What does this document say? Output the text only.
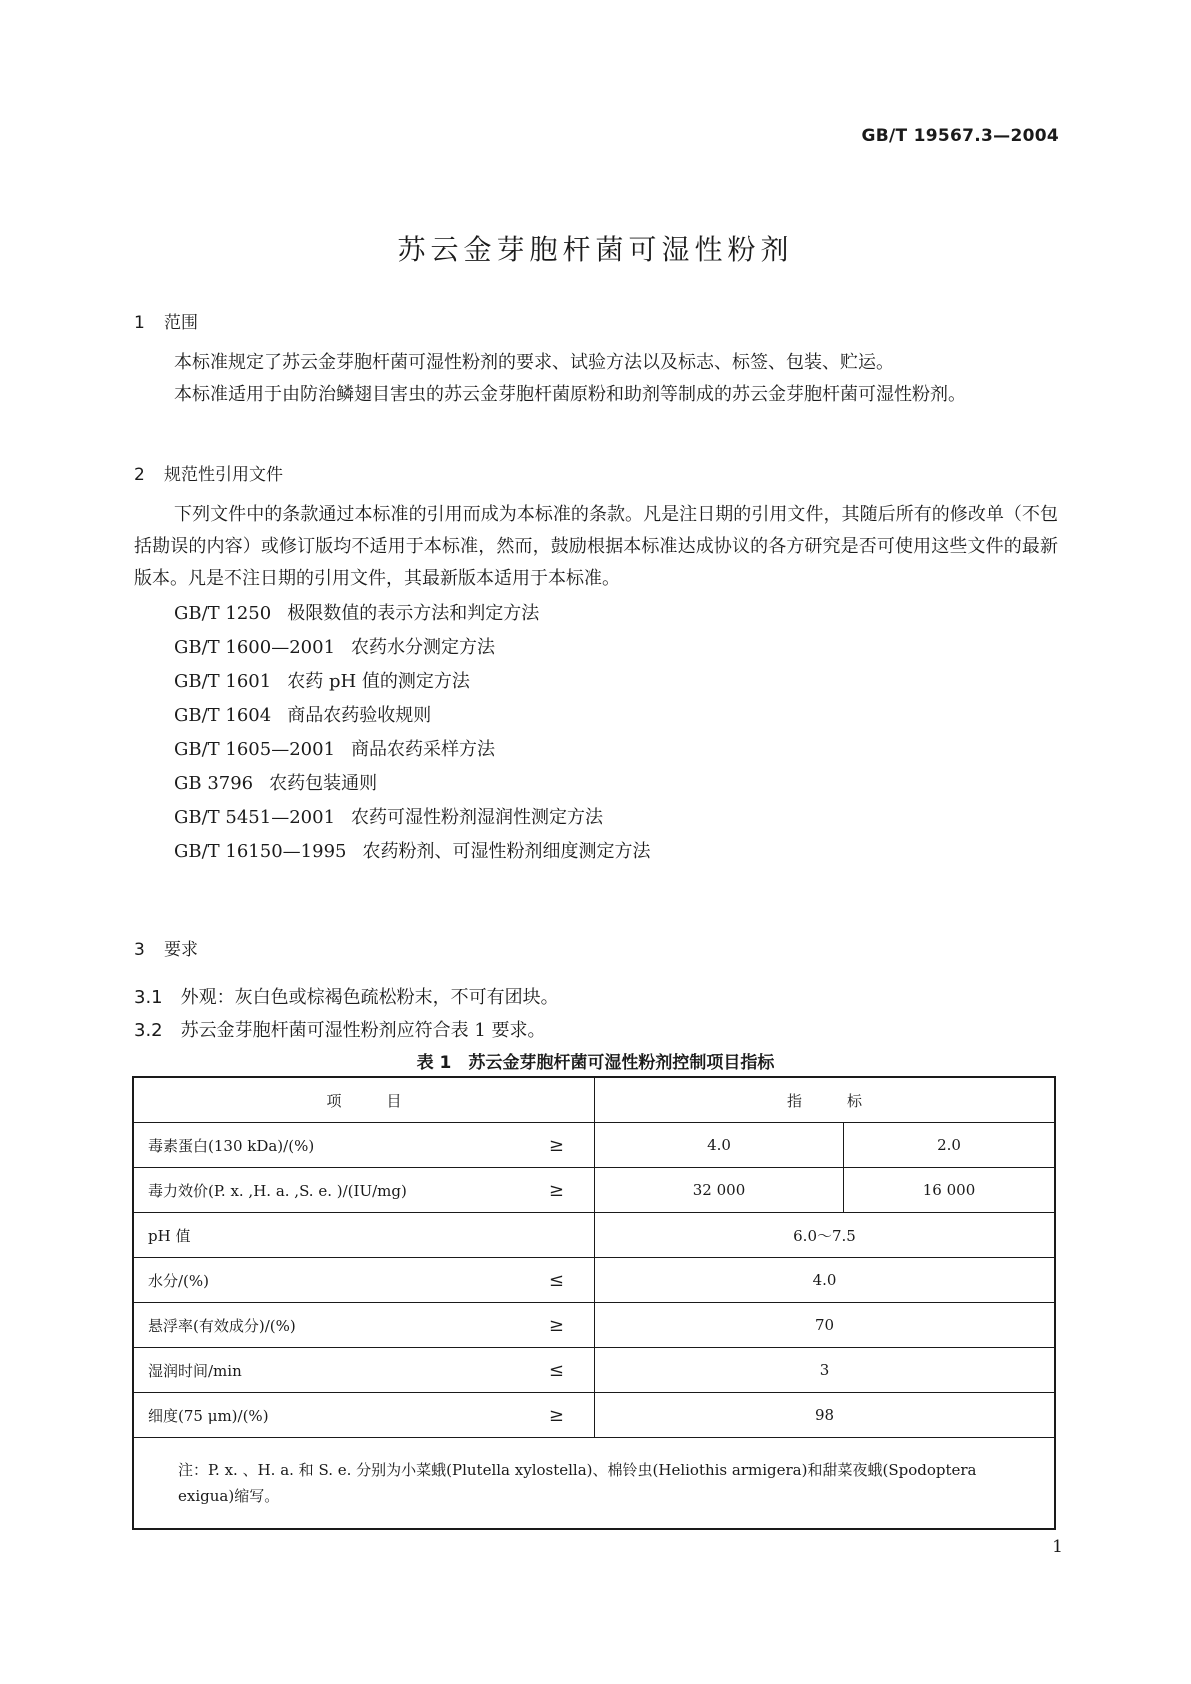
GB/T 19567.3—2004
苏云金芽胞杆菌可湿性粉剂
1 范围
本标准规定了苏云金芽胞杆菌可湿性粉剂的要求、试验方法以及标志、标签、包装、贮运。
本标准适用于由防治鳞翅目害虫的苏云金芽胞杆菌原粉和助剂等制成的苏云金芽胞杆菌可湿性粉剂。
2 规范性引用文件
下列文件中的条款通过本标准的引用而成为本标准的条款。凡是注日期的引用文件，其随后所有的修改单（不包括勘误的内容）或修订版均不适用于本标准，然而，鼓励根据本标准达成协议的各方研究是否可使用这些文件的最新版本。凡是不注日期的引用文件，其最新版本适用于本标准。
GB/T 1250 极限数值的表示方法和判定方法
GB/T 1600—2001 农药水分测定方法
GB/T 1601 农药 pH 值的测定方法
GB/T 1604 商品农药验收规则
GB/T 1605—2001 商品农药采样方法
GB 3796 农药包装通则
GB/T 5451—2001 农药可湿性粉剂湿润性测定方法
GB/T 16150—1995 农药粉剂、可湿性粉剂细度测定方法
3 要求
3.1 外观：灰白色或棕褐色疏松粉末，不可有团块。
3.2 苏云金芽胞杆菌可湿性粉剂应符合表 1 要求。
表 1　苏云金芽胞杆菌可湿性粉剂控制项目指标
项　　　目	指　　　标	

毒素蛋白(130 kDa)/(%) ≥	4.0	2.0

毒力效价(P. x. ,H. a. ,S. e. )/(IU/mg) ≥	32 000	16 000

pH 值	6.0～7.5	

水分/(%) ≤	4.0	

悬浮率(有效成分)/(%) ≥	70	

湿润时间/min ≤	3	

细度(75 μm)/(%) ≥	98	
注：P. x. 、H. a. 和 S. e. 分别为小菜蛾(Plutella xylostella)、棉铃虫(Heliothis armigera)和甜菜夜蛾(Spodoptera exigua)缩写。		
1
